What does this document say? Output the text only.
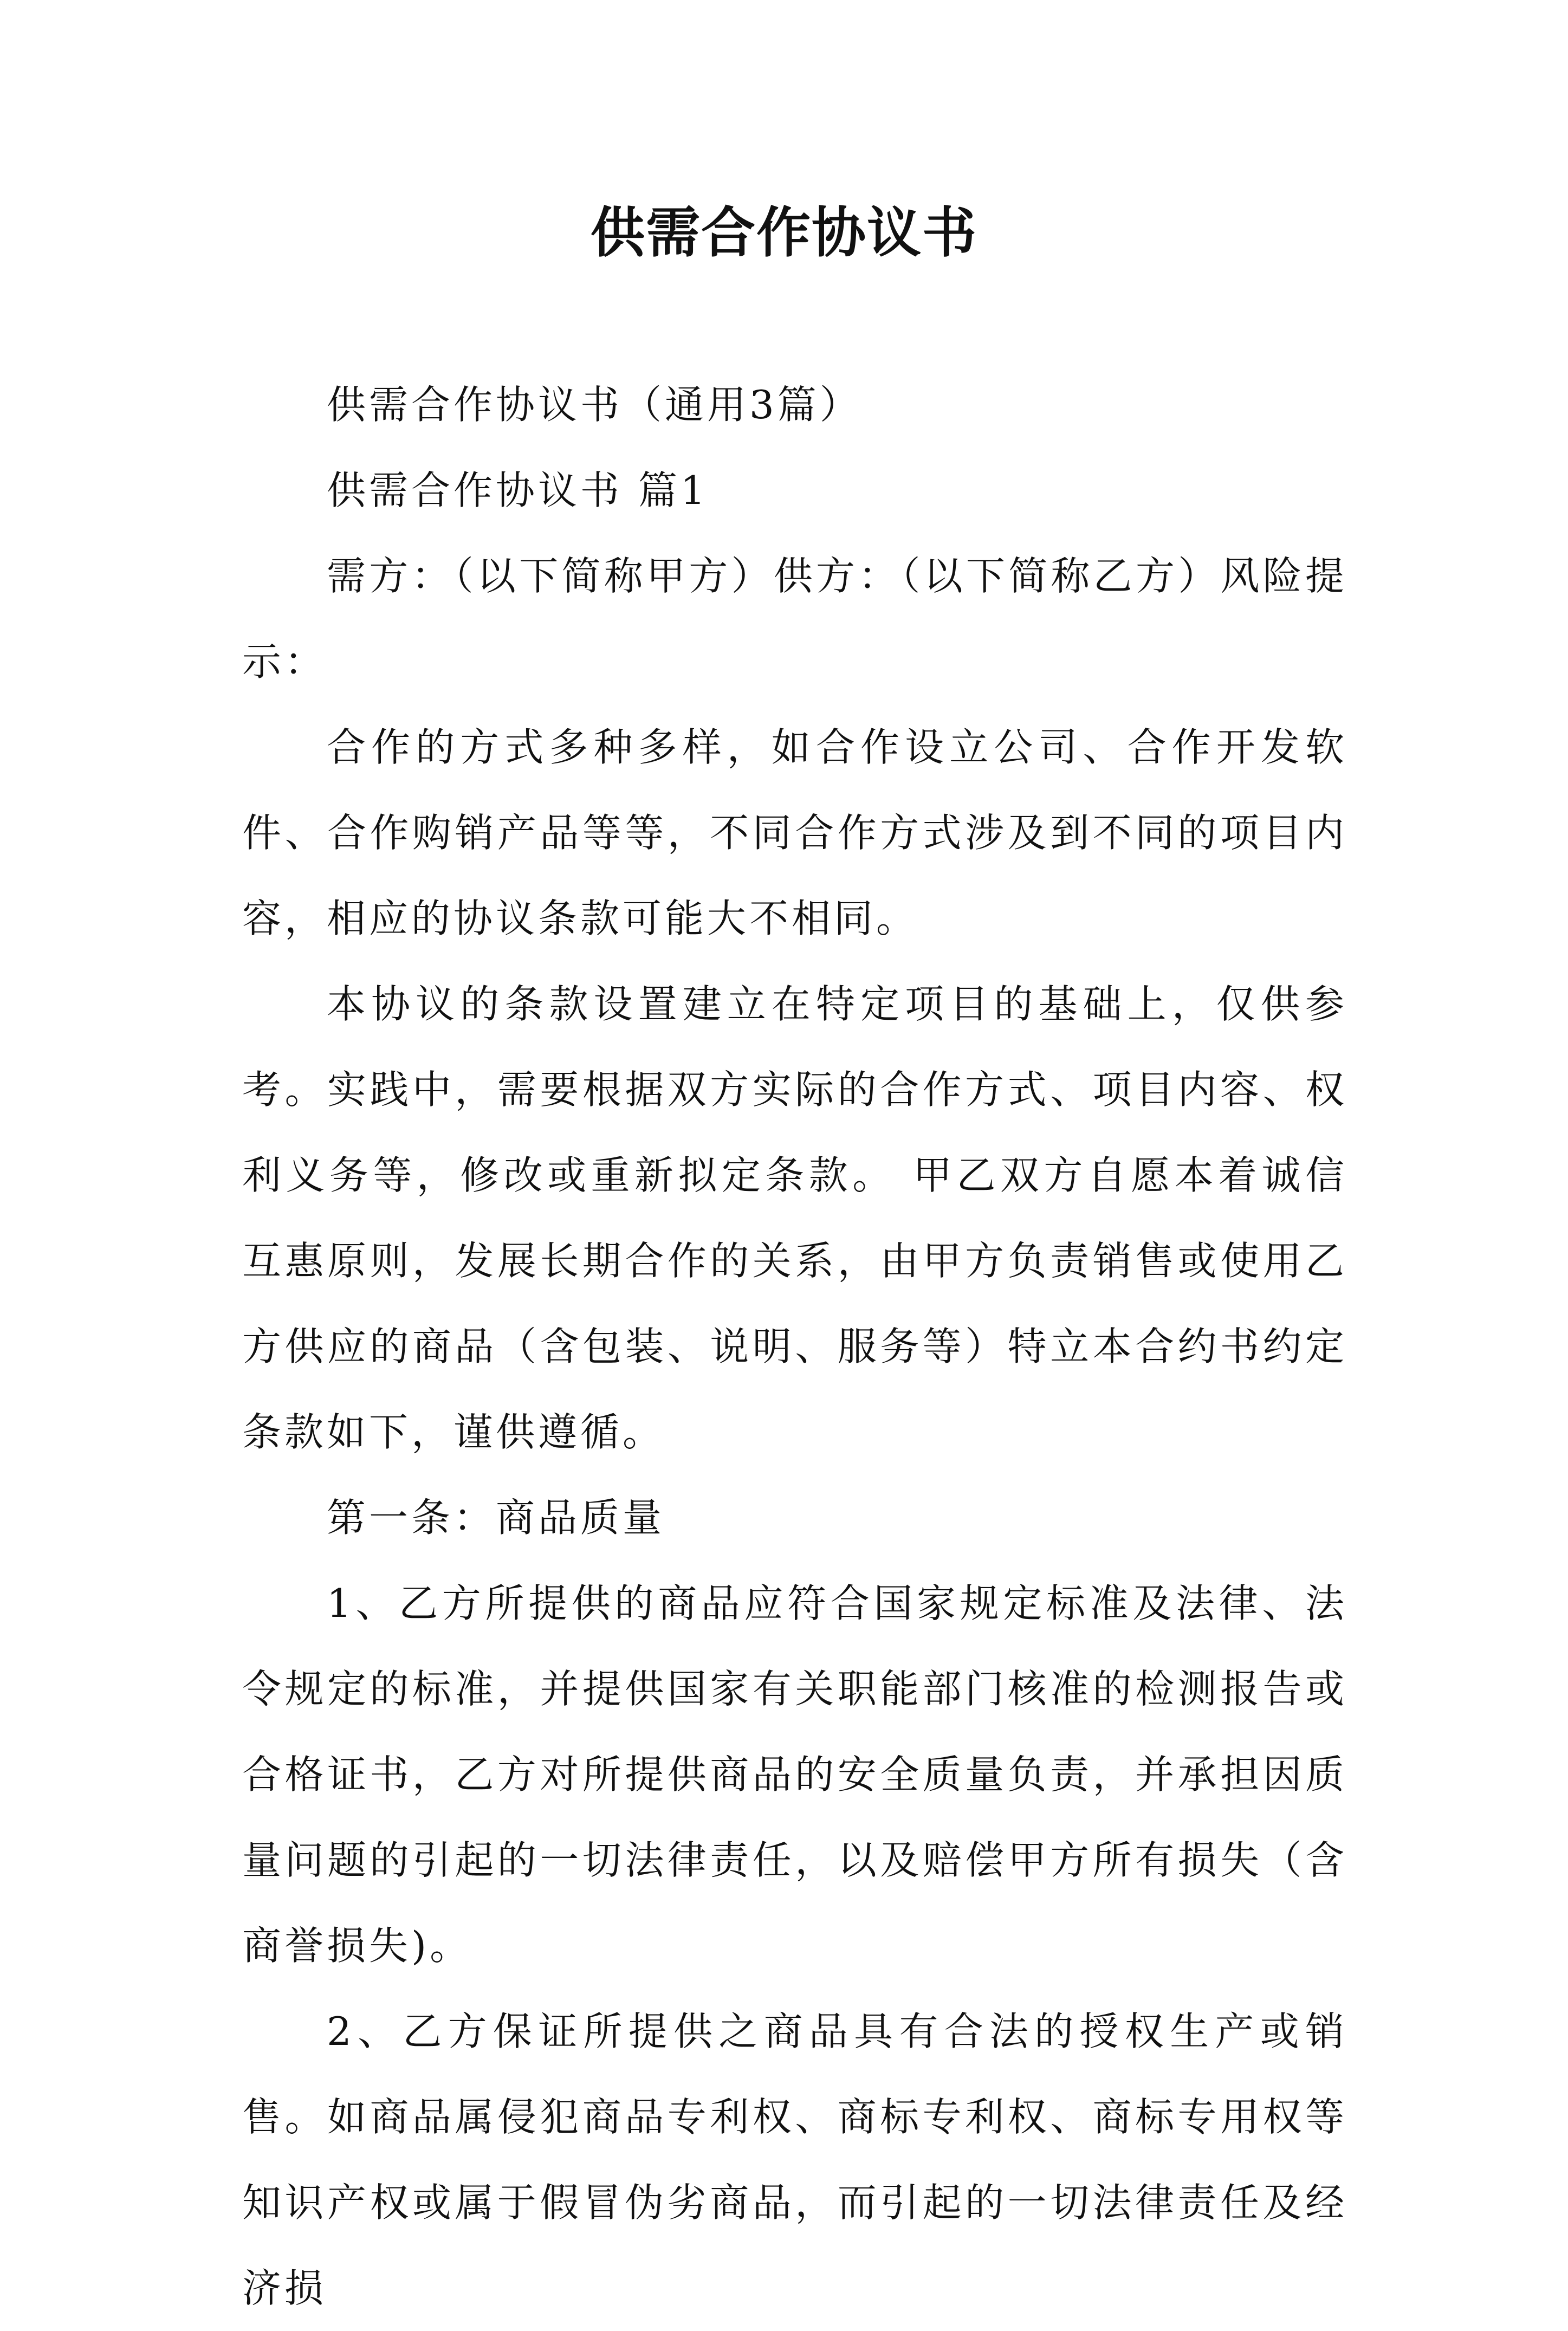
供需合作协议书

供需合作协议书（通用3篇）

供需合作协议书 篇1

需方：（以下简称甲方）供方：（以下简称乙方）风险提示：

合作的方式多种多样，如合作设立公司、合作开发软件、合作购销产品等等，不同合作方式涉及到不同的项目内容，相应的协议条款可能大不相同。

本协议的条款设置建立在特定项目的基础上，仅供参考。实践中，需要根据双方实际的合作方式、项目内容、权利义务等，修改或重新拟定条款。 甲乙双方自愿本着诚信互惠原则，发展长期合作的关系，由甲方负责销售或使用乙方供应的商品（含包装、说明、服务等）特立本合约书约定条款如下，谨供遵循。

第一条：商品质量

1、乙方所提供的商品应符合国家规定标准及法律、法令规定的标准，并提供国家有关职能部门核准的检测报告或合格证书，乙方对所提供商品的安全质量负责，并承担因质量问题的引起的一切法律责任，以及赔偿甲方所有损失（含商誉损失)。

2、乙方保证所提供之商品具有合法的授权生产或销售。如商品属侵犯商品专利权、商标专利权、商标专用权等知识产权或属于假冒伪劣商品，而引起的一切法律责任及经济损
